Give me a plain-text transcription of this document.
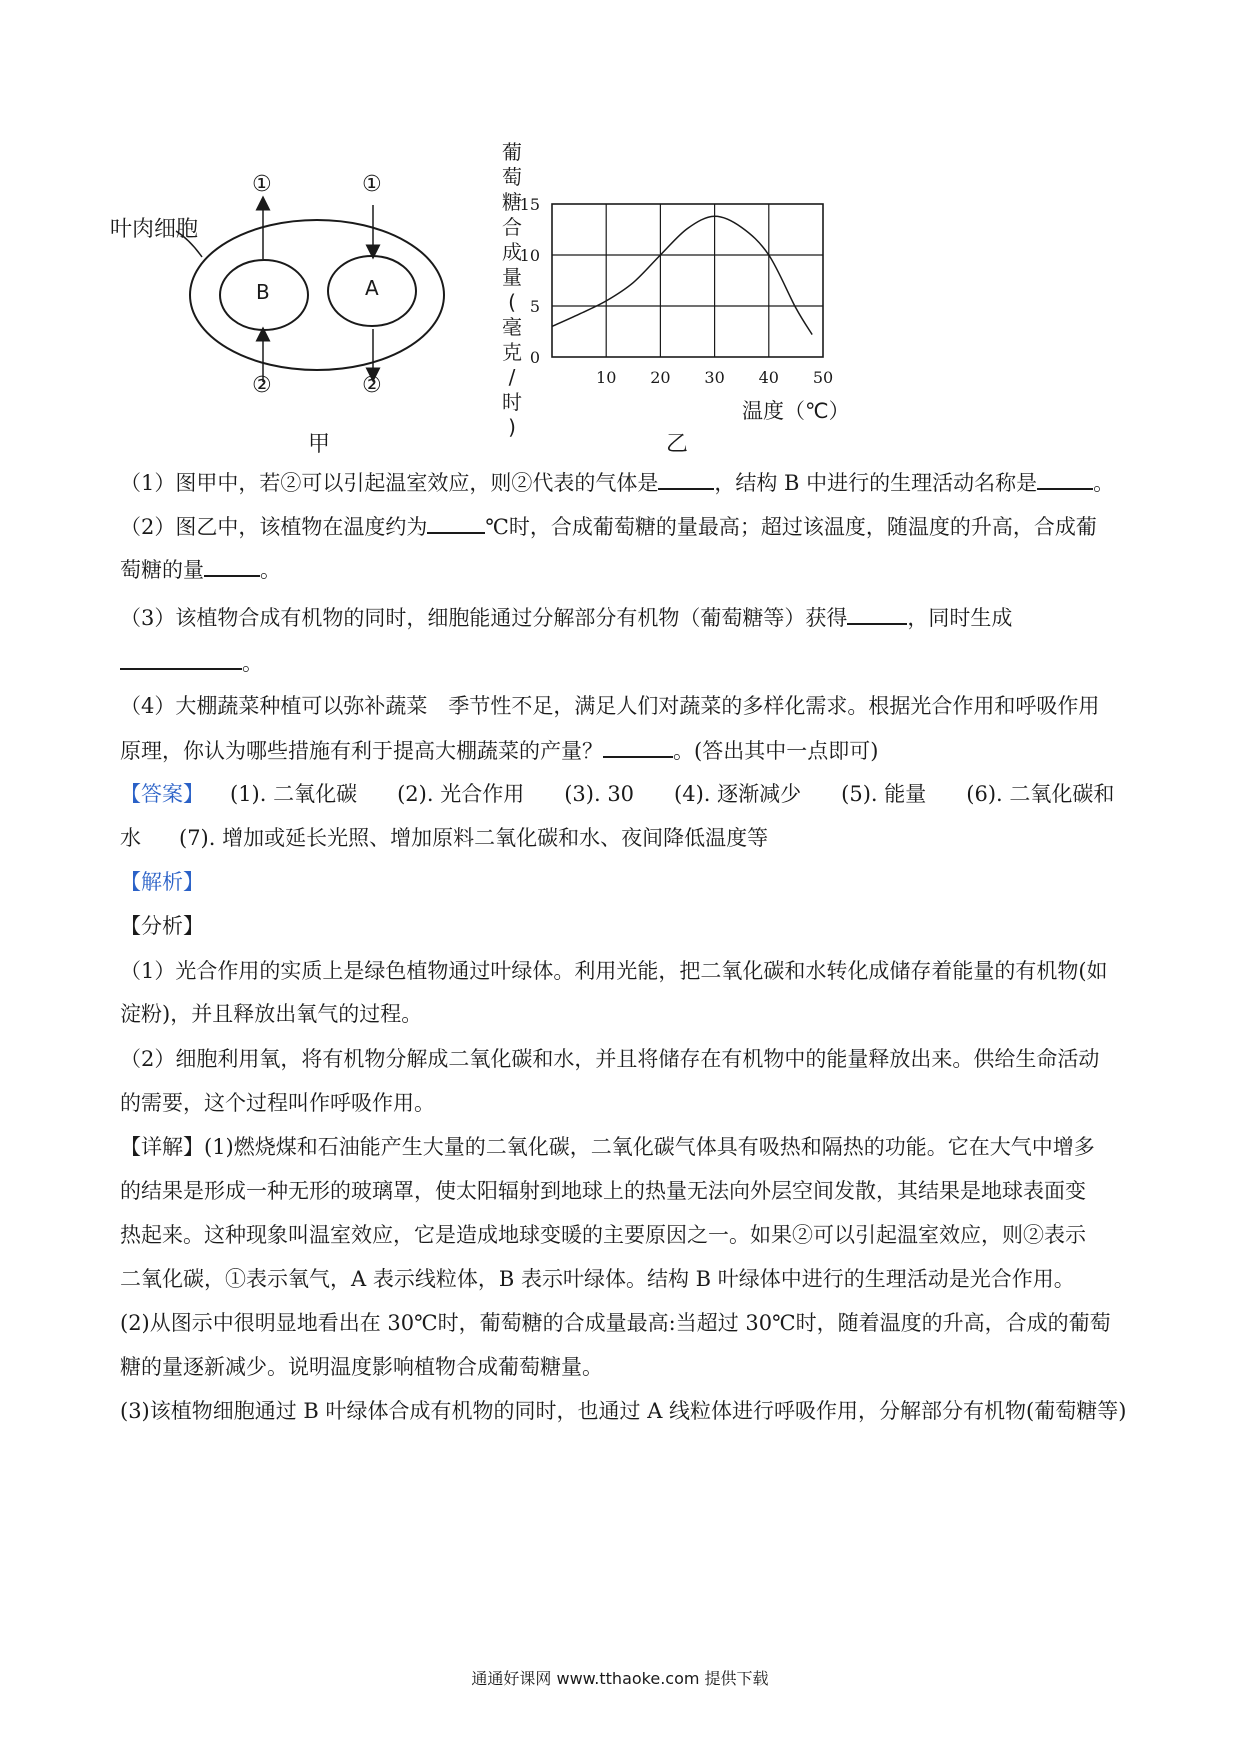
叶肉细胞
B	A
①	①
②	②
甲
葡
萄
糖
合
成
量
(
毫
克
/
时
)
10 20 30 40 50
0
5
10
15
温度（℃）
乙
（1）图甲中，若②可以引起温室效应，则②代表的气体是	，结构 B 中进行的生理活动名称是	。
（2）图乙中，该植物在温度约为	℃时，合成葡萄糖的量最高；超过该温度，随温度的升高，合成葡
萄糖的量	。
（3）该植物合成有机物的同时，细胞能通过分解部分有机物（葡萄糖等）获得	，同时生成
。
（4）大棚蔬菜种植可以弥补蔬菜　季节性不足，满足人们对蔬菜的多样化需求。根据光合作用和呼吸作用
原理，你认为哪些措施有利于提高大棚蔬菜的产量？	。(答出其中一点即可)
【答案】 (1). 二氧化碳 (2). 光合作用 (3). 30 (4). 逐渐减少 (5). 能量 (6). 二氧化碳和
水 (7). 增加或延长光照、增加原料二氧化碳和水、夜间降低温度等
【解析】
【分析】
（1）光合作用的实质上是绿色植物通过叶绿体。利用光能，把二氧化碳和水转化成储存着能量的有机物(如
淀粉)，并且释放出氧气的过程。
（2）细胞利用氧，将有机物分解成二氧化碳和水，并且将储存在有机物中的能量释放出来。供给生命活动
的需要，这个过程叫作呼吸作用。
【详解】(1)燃烧煤和石油能产生大量的二氧化碳，二氧化碳气体具有吸热和隔热的功能。它在大气中增多
的结果是形成一种无形的玻璃罩，使太阳辐射到地球上的热量无法向外层空间发散，其结果是地球表面变
热起来。这种现象叫温室效应，它是造成地球变暖的主要原因之一。如果②可以引起温室效应，则②表示
二氧化碳，①表示氧气，A 表示线粒体，B 表示叶绿体。结构 B 叶绿体中进行的生理活动是光合作用。
(2)从图示中很明显地看出在 30℃时，葡萄糖的合成量最高:当超过 30℃时，随着温度的升高，合成的葡萄
糖的量逐新减少。说明温度影响植物合成葡萄糖量。
(3)该植物细胞通过 B 叶绿体合成有机物的同时，也通过 A 线粒体进行呼吸作用，分解部分有机物(葡萄糖等)
通通好课网 www.tthaoke.com 提供下载
